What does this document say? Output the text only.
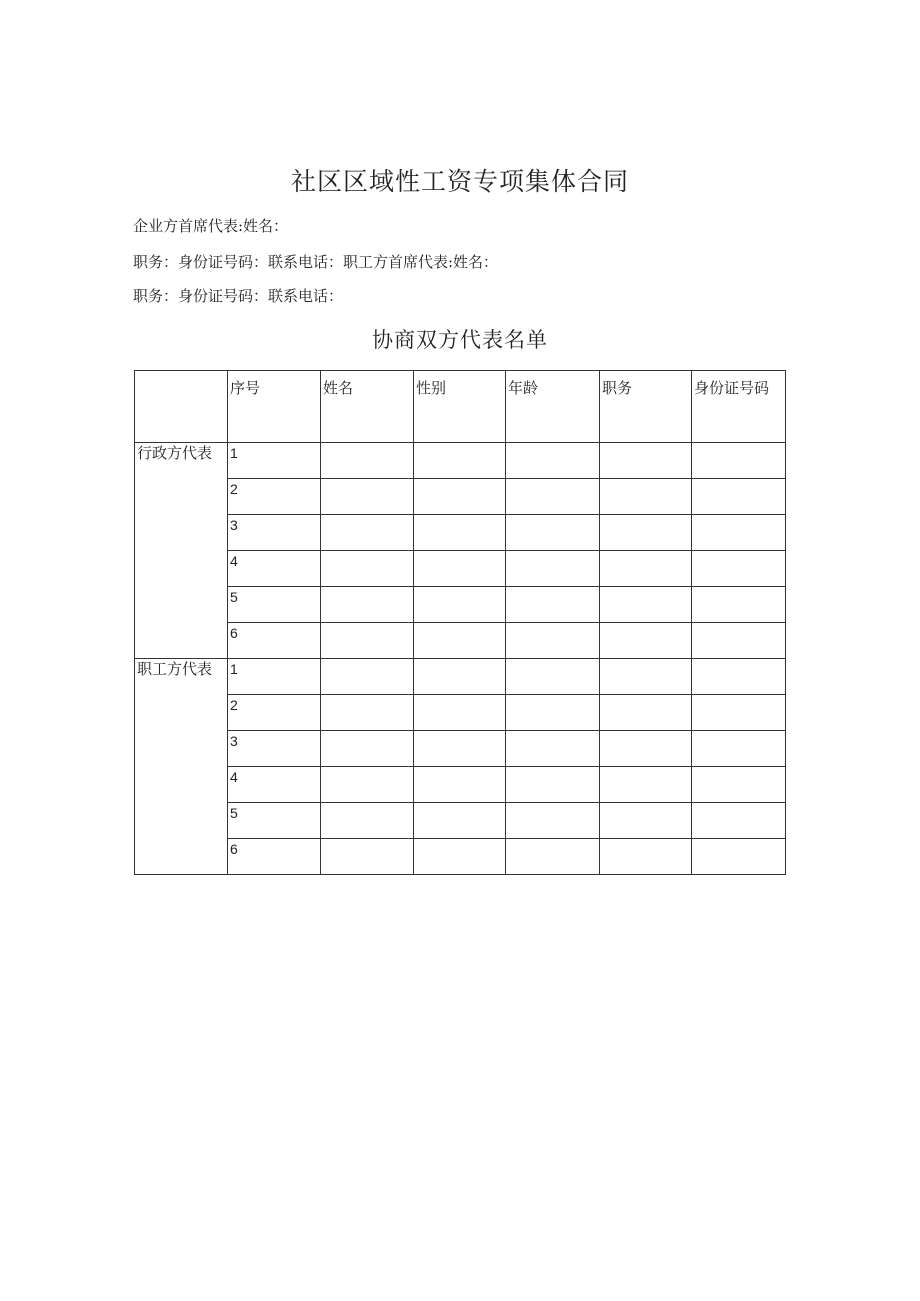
社区区域性工资专项集体合同
企业方首席代表:姓名：
职务：身份证号码：联系电话：职工方首席代表:姓名：
职务：身份证号码：联系电话：
协商双方代表名单
	序号	姓名	性别	年龄	职务	身份证号码
行政方代表	1					
	2					
	3					
	4					
	5					
	6					
职工方代表	1					
	2					
	3					
	4					
	5					
	6					
